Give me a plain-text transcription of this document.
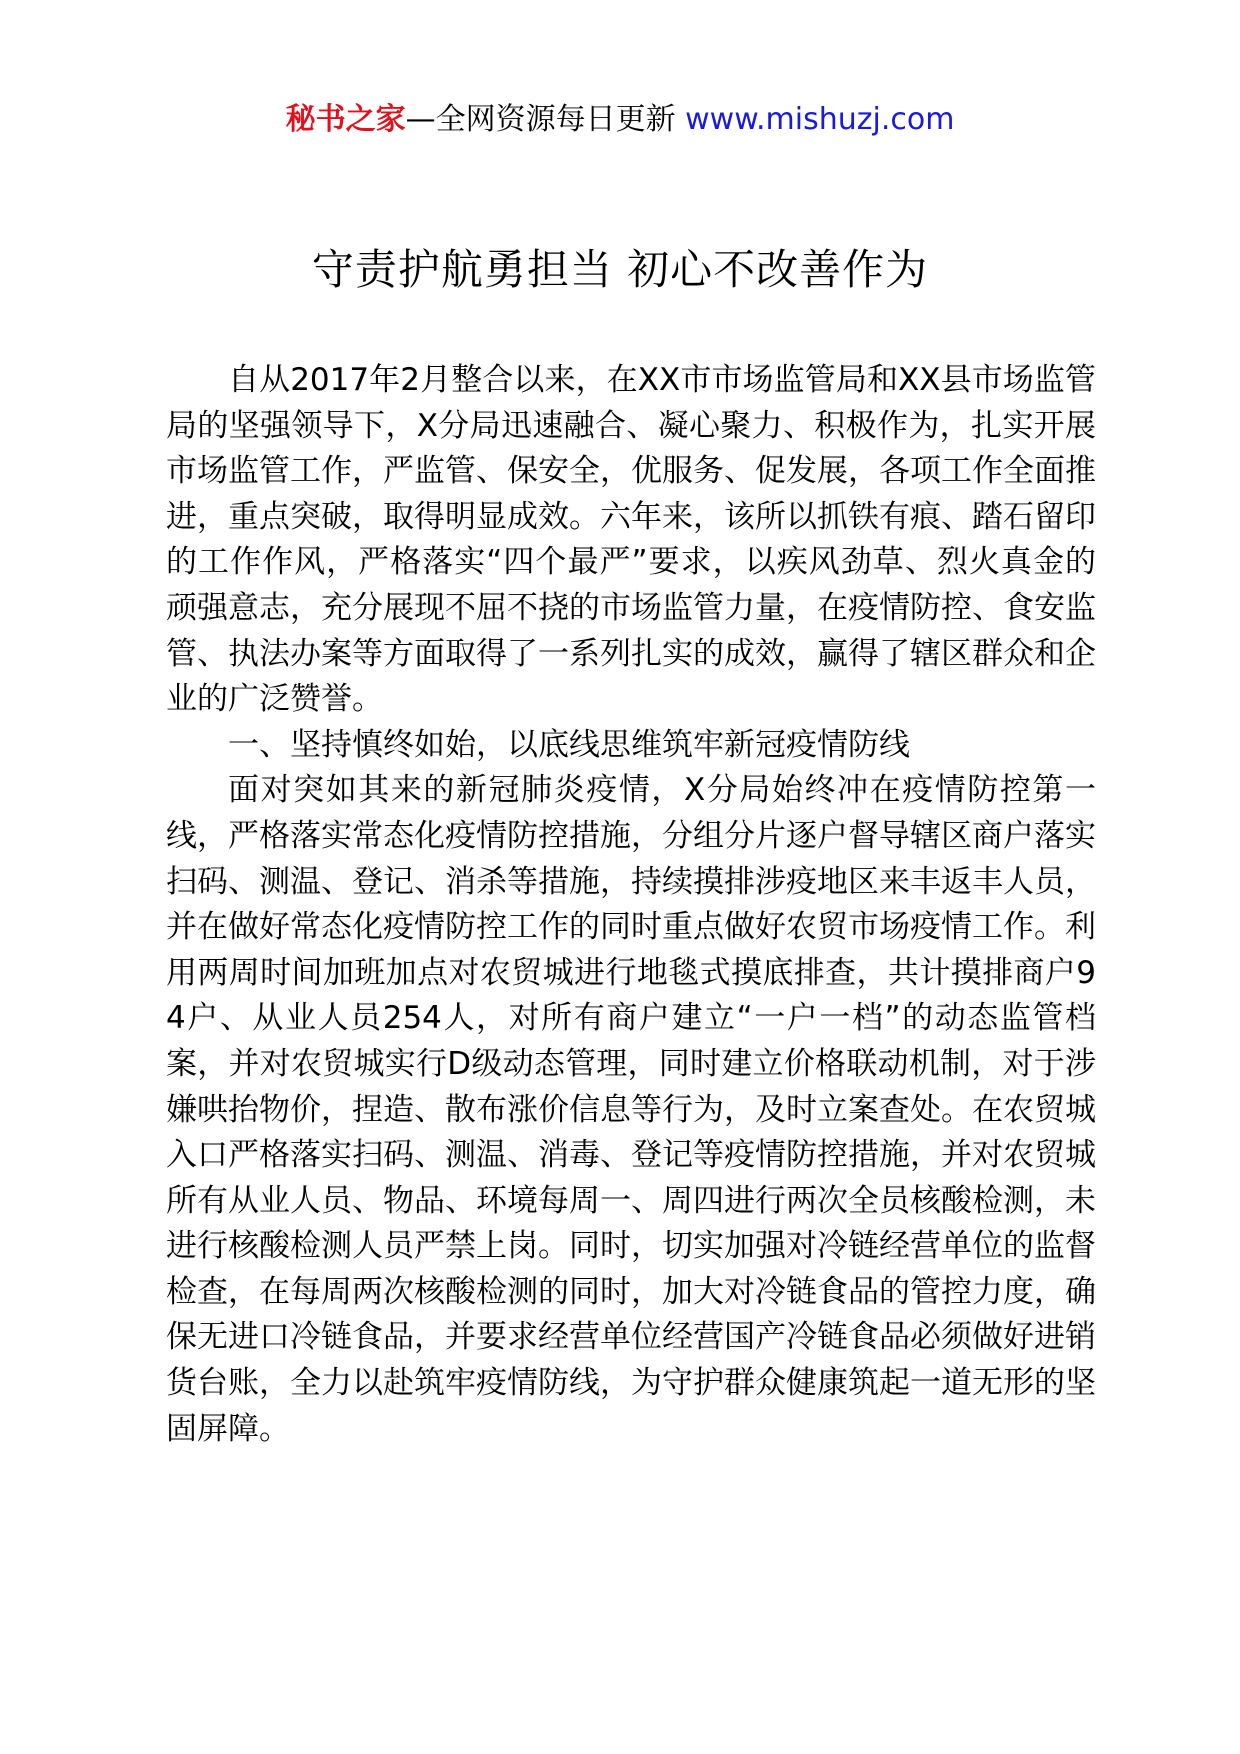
秘书之家—全网资源每日更新 www.mishuzj.com
守责护航勇担当 初心不改善作为

自从2017年2月整合以来，在XX市市场监管局和XX县市场监管局的坚强领导下，X分局迅速融合、凝心聚力、积极作为，扎实开展市场监管工作，严监管、保安全，优服务、促发展，各项工作全面推进，重点突破，取得明显成效。六年来，该所以抓铁有痕、踏石留印的工作作风，严格落实“四个最严”要求，以疾风劲草、烈火真金的顽强意志，充分展现不屈不挠的市场监管力量，在疫情防控、食安监管、执法办案等方面取得了一系列扎实的成效，赢得了辖区群众和企业的广泛赞誉。

一、坚持慎终如始，以底线思维筑牢新冠疫情防线

面对突如其来的新冠肺炎疫情，X分局始终冲在疫情防控第一线，严格落实常态化疫情防控措施，分组分片逐户督导辖区商户落实扫码、测温、登记、消杀等措施，持续摸排涉疫地区来丰返丰人员，并在做好常态化疫情防控工作的同时重点做好农贸市场疫情工作。利用两周时间加班加点对农贸城进行地毯式摸底排查，共计摸排商户94户、从业人员254人，对所有商户建立“一户一档”的动态监管档案，并对农贸城实行D级动态管理，同时建立价格联动机制，对于涉嫌哄抬物价，捏造、散布涨价信息等行为，及时立案查处。在农贸城入口严格落实扫码、测温、消毒、登记等疫情防控措施，并对农贸城所有从业人员、物品、环境每周一、周四进行两次全员核酸检测，未进行核酸检测人员严禁上岗。同时，切实加强对冷链经营单位的监督检查，在每周两次核酸检测的同时，加大对冷链食品的管控力度，确保无进口冷链食品，并要求经营单位经营国产冷链食品必须做好进销货台账，全力以赴筑牢疫情防线，为守护群众健康筑起一道无形的坚固屏障。
